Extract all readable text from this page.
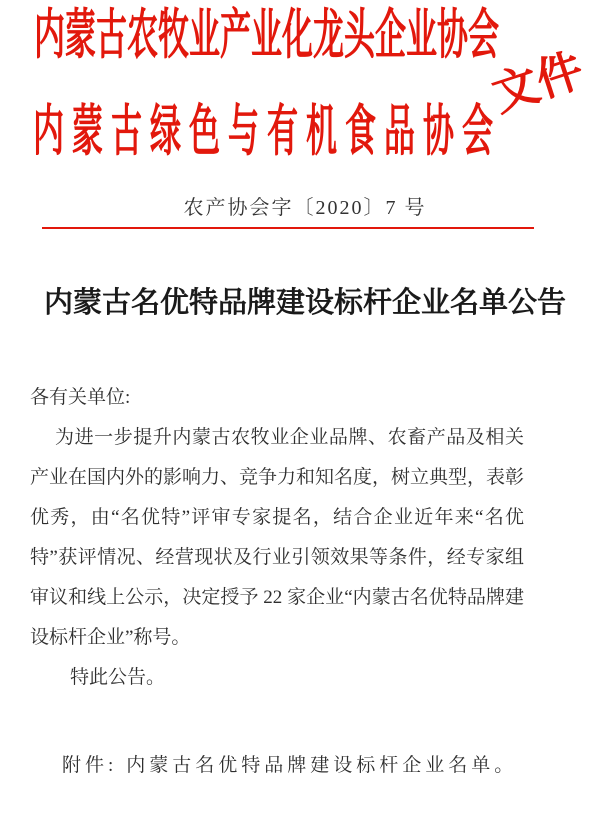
内蒙古农牧业产业化龙头企业协会
内蒙古绿色与有机食品协会
文件
农产协会字〔2020〕7 号
内蒙古名优特品牌建设标杆企业名单公告
各有关单位:

为进一步提升内蒙古农牧业企业品牌、农畜产品及相关产业在国内外的影响力、竞争力和知名度，树立典型，表彰优秀，由“名优特”评审专家提名，结合企业近年来“名优特”获评情况、经营现状及行业引领效果等条件，经专家组审议和线上公示，决定授予 22 家企业“内蒙古名优特品牌建设标杆企业”称号。

特此公告。
附件: 内蒙古名优特品牌建设标杆企业名单。
